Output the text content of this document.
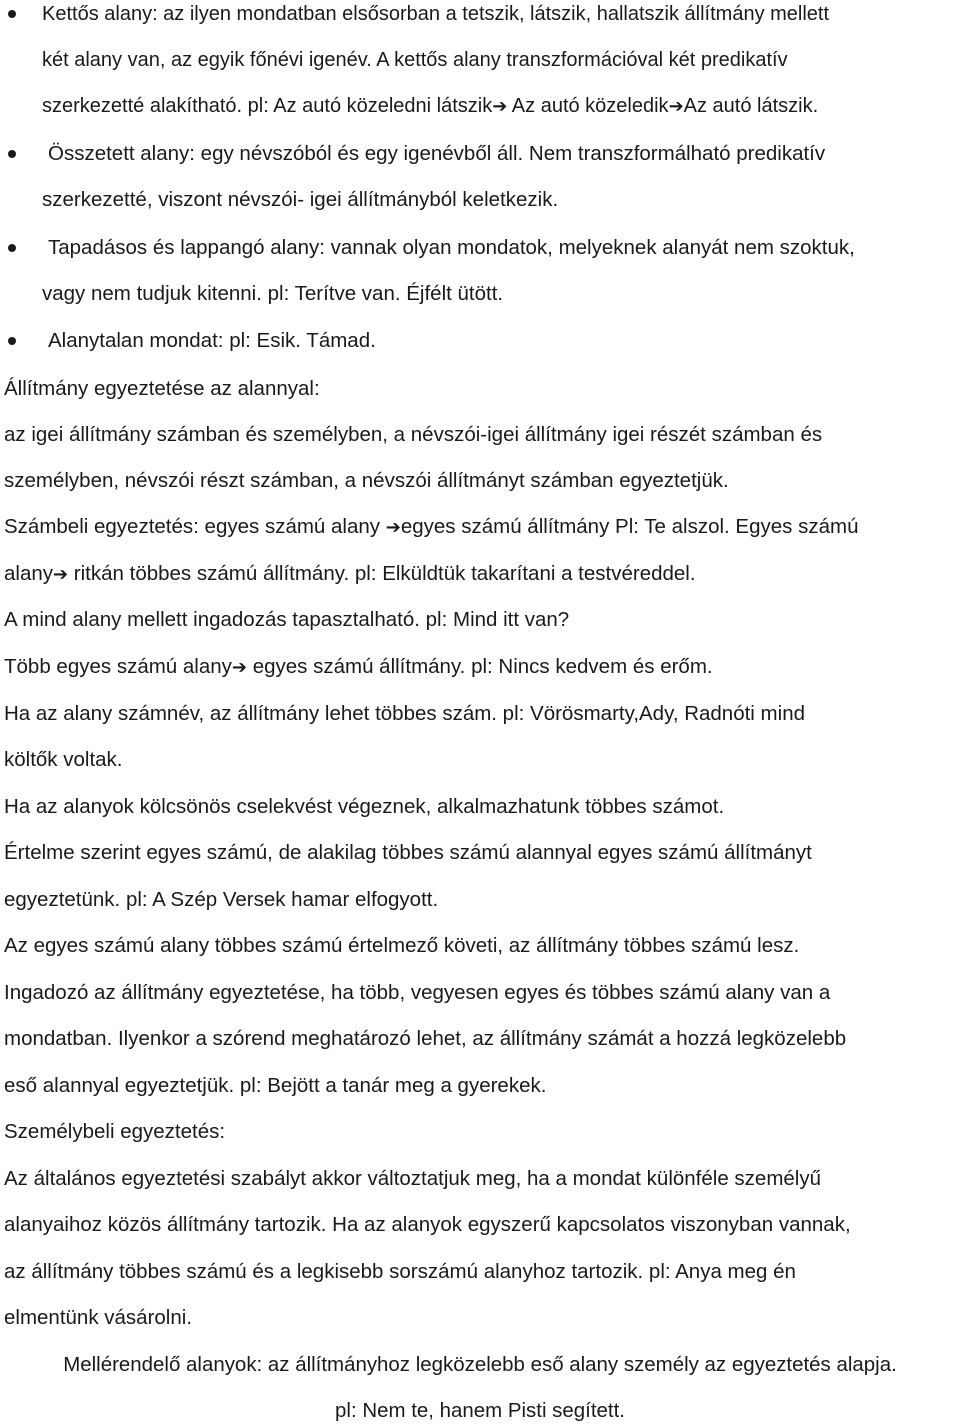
Kettős alany: az ilyen mondatban elsősorban a tetszik, látszik, hallatszik állítmány mellett
két alany van, az egyik főnévi igenév. A kettős alany transzformációval két predikatív
szerkezetté alakítható. pl: Az autó közeledni látszik➔ Az autó közeledik➔Az autó látszik.
Összetett alany: egy névszóból és egy igenévből áll. Nem transzformálható predikatív
szerkezetté, viszont névszói- igei állítmányból keletkezik.
Tapadásos és lappangó alany: vannak olyan mondatok, melyeknek alanyát nem szoktuk,
vagy nem tudjuk kitenni. pl: Terítve van. Éjfélt ütött.
Alanytalan mondat: pl: Esik. Támad.
Állítmány egyeztetése az alannyal:
az igei állítmány számban és személyben, a névszói-igei állítmány igei részét számban és
személyben, névszói részt számban, a névszói állítmányt számban egyeztetjük.
Számbeli egyeztetés: egyes számú alany ➔egyes számú állítmány Pl: Te alszol. Egyes számú
alany➔ ritkán többes számú állítmány. pl: Elküldtük takarítani a testvéreddel.
A mind alany mellett ingadozás tapasztalható. pl: Mind itt van?
Több egyes számú alany➔ egyes számú állítmány. pl: Nincs kedvem és erőm.
Ha az alany számnév, az állítmány lehet többes szám. pl: Vörösmarty,Ady, Radnóti mind
költők voltak.
Ha az alanyok kölcsönös cselekvést végeznek, alkalmazhatunk többes számot.
Értelme szerint egyes számú, de alakilag többes számú alannyal egyes számú állítmányt
egyeztetünk. pl: A Szép Versek hamar elfogyott.
Az egyes számú alany többes számú értelmező követi, az állítmány többes számú lesz.
Ingadozó az állítmány egyeztetése, ha több, vegyesen egyes és többes számú alany van a
mondatban. Ilyenkor a szórend meghatározó lehet, az állítmány számát a hozzá legközelebb
eső alannyal egyeztetjük. pl: Bejött a tanár meg a gyerekek.
Személybeli egyeztetés:
Az általános egyeztetési szabályt akkor változtatjuk meg, ha a mondat különféle személyű
alanyaihoz közös állítmány tartozik. Ha az alanyok egyszerű kapcsolatos viszonyban vannak,
az állítmány többes számú és a legkisebb sorszámú alanyhoz tartozik. pl: Anya meg én
elmentünk vásárolni.
Mellérendelő alanyok: az állítmányhoz legközelebb eső alany személy az egyeztetés alapja.
pl: Nem te, hanem Pisti segített.
